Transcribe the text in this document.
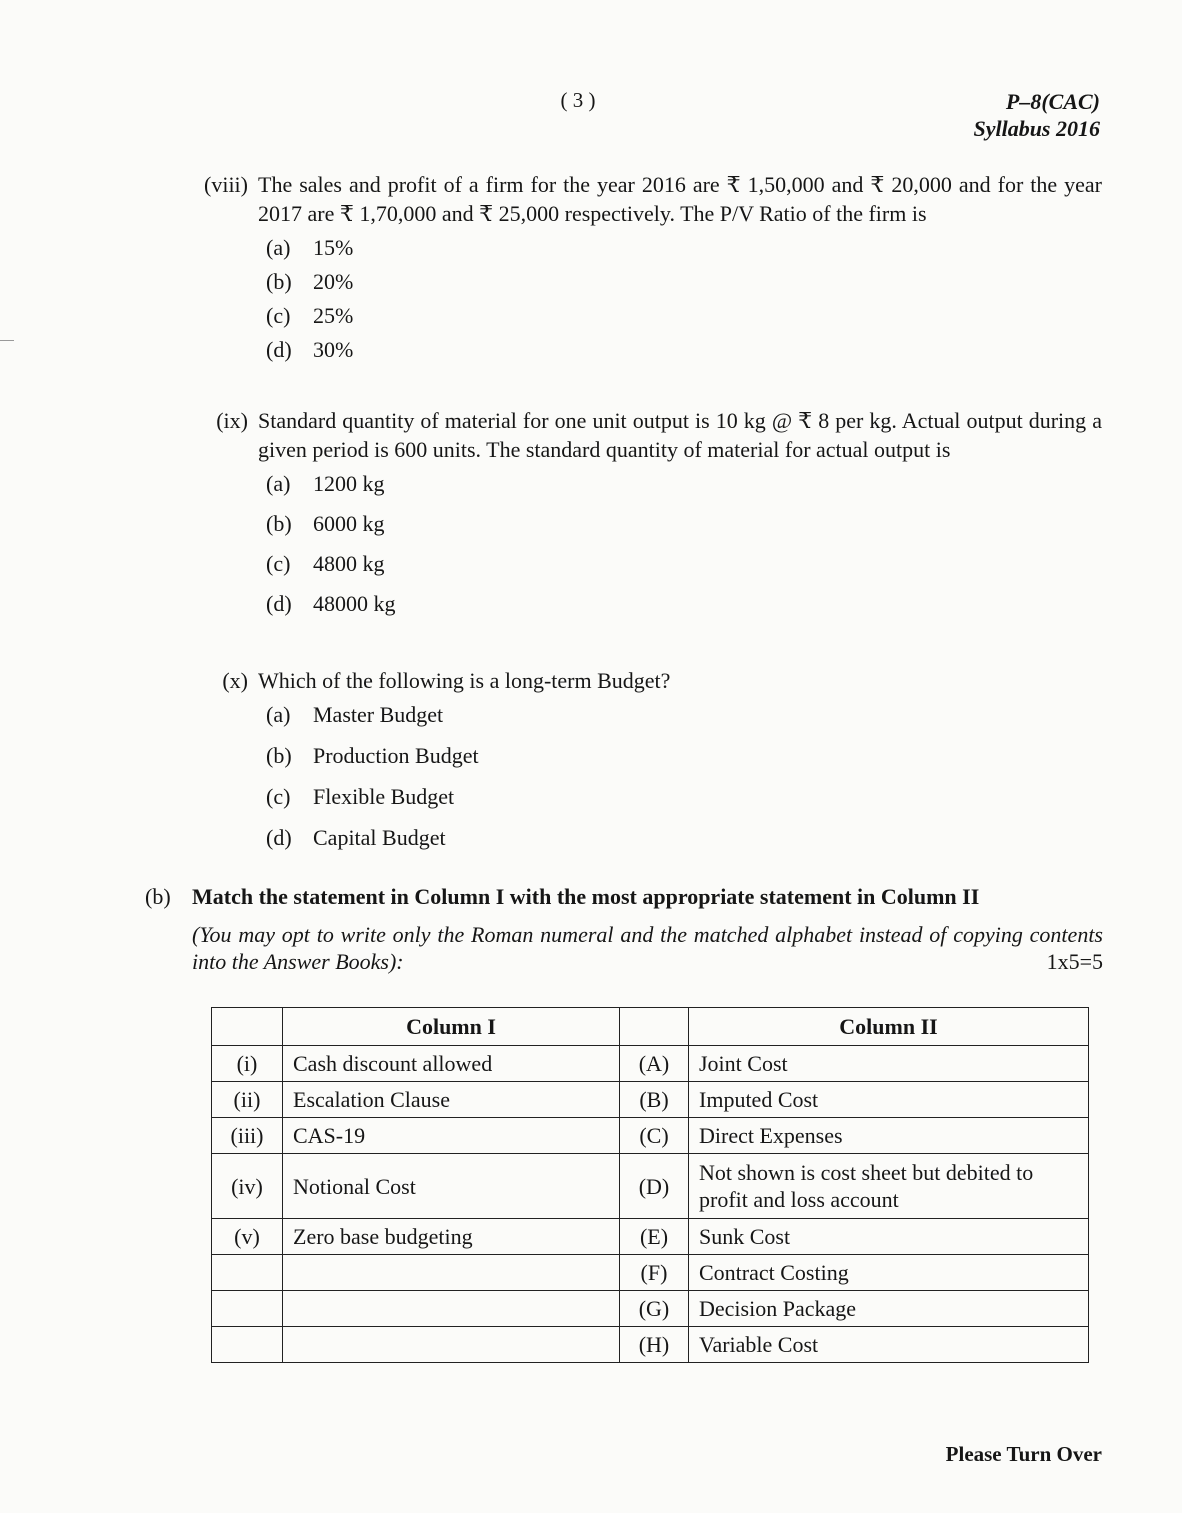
( 3 )	P–8(CAC)
Syllabus 2016
(viii) The sales and profit of a firm for the year 2016 are ₹ 1,50,000 and ₹ 20,000 and for the year 2017 are ₹ 1,70,000 and ₹ 25,000 respectively. The P/V Ratio of the firm is
(a)	15%
(b) 20%
(c)	25%
(d) 30%
(ix) Standard quantity of material for one unit output is 10 kg @ ₹ 8 per kg. Actual output during a given period is 600 units. The standard quantity of material for actual output is
(a)	1200 kg
(b) 6000 kg
(c)	4800 kg
(d) 48000 kg
(x) Which of the following is a long-term Budget?
(a)	Master Budget
(b) Production Budget
(c)	Flexible Budget
(d) Capital Budget
(b) Match the statement in Column I with the most appropriate statement in Column II
(You may opt to write only the Roman numeral and the matched alphabet instead of copying contents into the Answer Books):	1x5=5
	Column I		Column II
(i)	Cash discount allowed	(A)	Joint Cost
(ii)	Escalation Clause	(B)	Imputed Cost
(iii)	CAS-19	(C)	Direct Expenses
(iv)	Notional Cost	(D)	Not shown is cost sheet but debited to profit and loss account
(v)	Zero base budgeting	(E)	Sunk Cost
		(F)	Contract Costing
		(G)	Decision Package
		(H)	Variable Cost
Please Turn Over
